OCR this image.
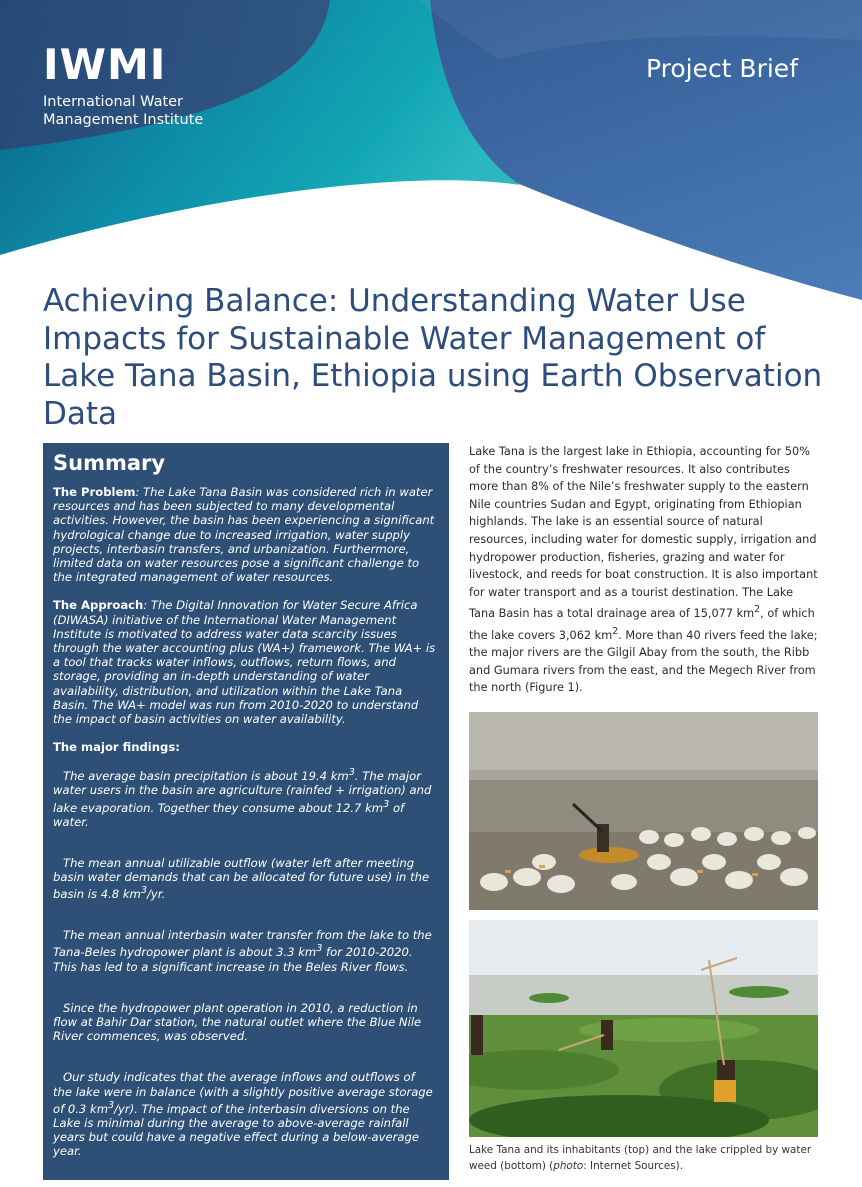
IWMI
International Water
Management Institute
Project Brief
Achieving Balance: Understanding Water Use Impacts for Sustainable Water Management of Lake Tana Basin, Ethiopia using Earth Observation Data
Summary

The Problem: The Lake Tana Basin was considered rich in water resources and has been subjected to many developmental activities. However, the basin has been experiencing a significant hydrological change due to increased irrigation, water supply projects, interbasin transfers, and urbanization. Furthermore, limited data on water resources pose a significant challenge to the integrated management of water resources.

The Approach: The Digital Innovation for Water Secure Africa (DIWASA) initiative of the International Water Management Institute is motivated to address water data scarcity issues through the water accounting plus (WA+) framework. The WA+ is a tool that tracks water inflows, outflows, return flows, and storage, providing an in-depth understanding of water availability, distribution, and utilization within the Lake Tana Basin. The WA+ model was run from 2010-2020 to understand the impact of basin activities on water availability.

The major findings:

The average basin precipitation is about 19.4 $km^3$. The major water users in the basin are agriculture (rainfed + irrigation) and lake evaporation. Together they consume about 12.7 $km^3$ of water.

The mean annual utilizable outflow (water left after meeting basin water demands that can be allocated for future use) in the basin is 4.8 $km^3/yr$.

The mean annual interbasin water transfer from the lake to the Tana-Beles hydropower plant is about 3.3 $km^3$ for 2010-2020. This has led to a significant increase in the Beles River flows.

Since the hydropower plant operation in 2010, a reduction in flow at Bahir Dar station, the natural outlet where the Blue Nile River commences, was observed.

Our study indicates that the average inflows and outflows of the lake were in balance (with a slightly positive average storage of 0.3 $km^3/yr$). The impact of the interbasin diversions on the Lake is minimal during the average to above-average rainfall years but could have a negative effect during a below-average year.

Lake Tana is the largest lake in Ethiopia, accounting for 50% of the country’s freshwater resources. It also contributes more than 8% of the Nile’s freshwater supply to the eastern Nile countries Sudan and Egypt, originating from Ethiopian highlands. The lake is an essential source of natural resources, including water for domestic supply, irrigation and hydropower production, fisheries, grazing and water for livestock, and reeds for boat construction. It is also important for water transport and as a tourist destination. The Lake Tana Basin has a total drainage area of 15,077 $km^2$, of which the lake covers 3,062 $km^2$. More than 40 rivers feed the lake; the major rivers are the Gilgil Abay from the south, the Ribb and Gumara rivers from the east, and the Megech River from the north (Figure 1).

Lake Tana and its inhabitants (top) and the lake crippled by water weed (bottom) (photo: Internet Sources).
